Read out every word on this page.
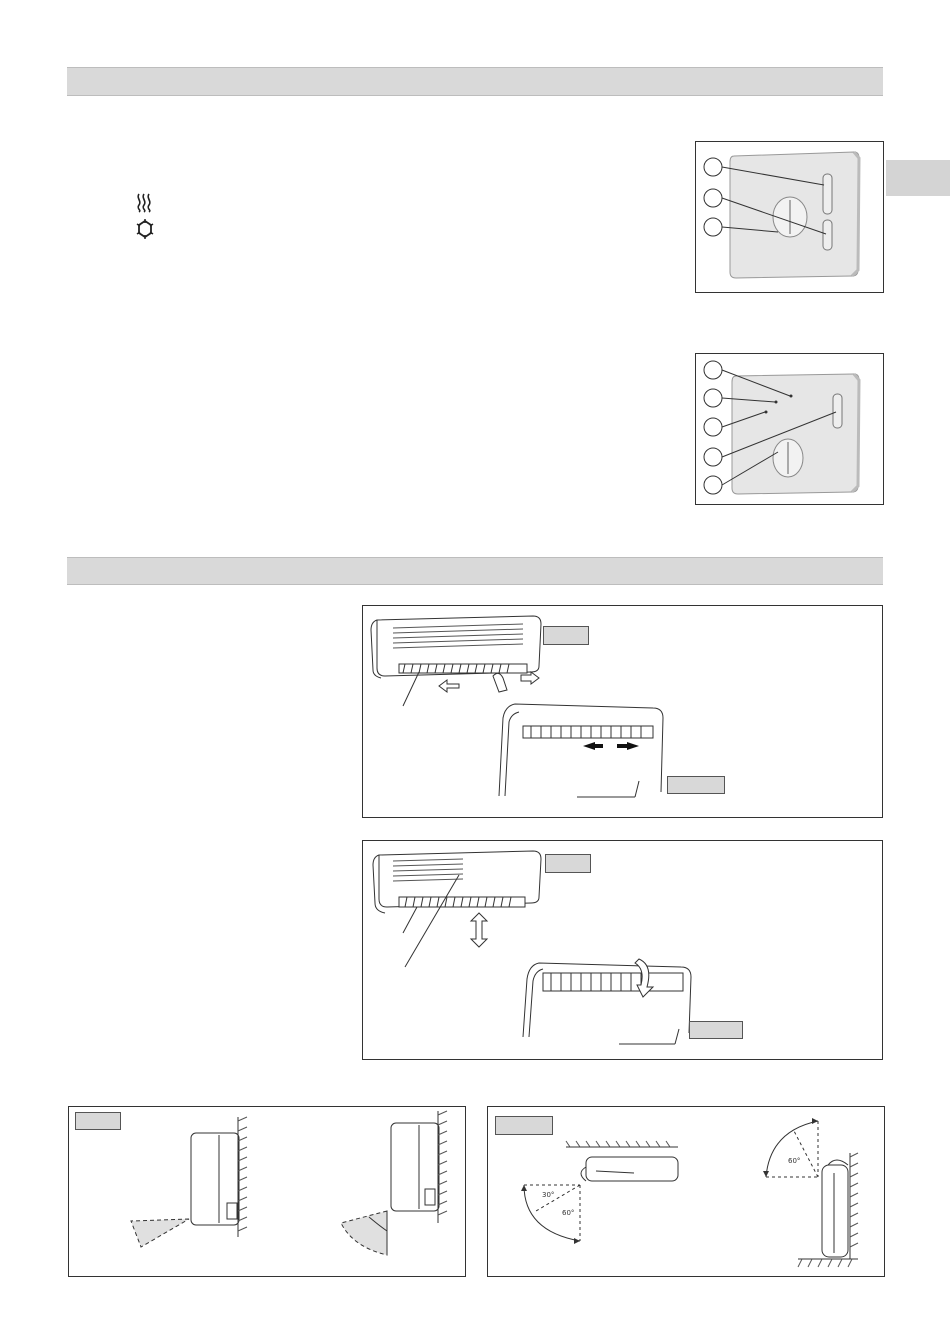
30°
60°
60°
